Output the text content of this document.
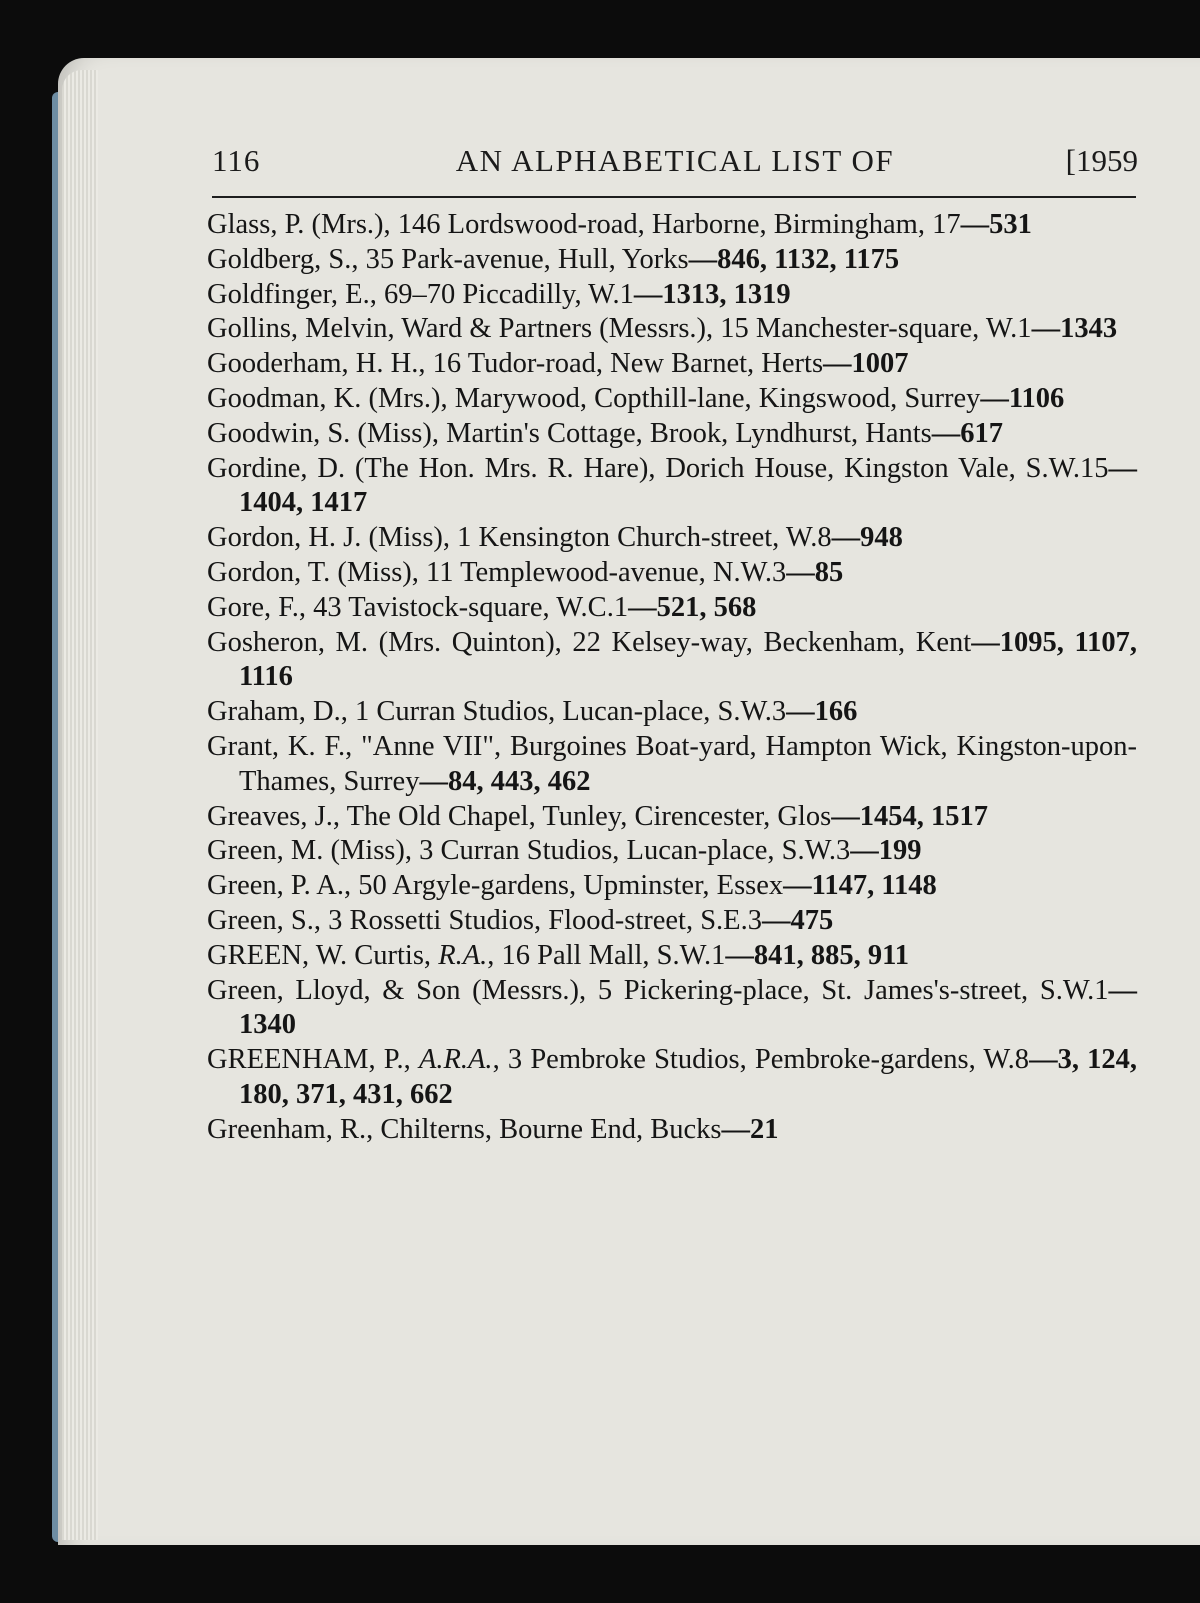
116	AN ALPHABETICAL LIST OF	[1959
Glass, P. (Mrs.), 146 Lordswood-road, Harborne, Birmingham, 17—531
Goldberg, S., 35 Park-avenue, Hull, Yorks—846, 1132, 1175
Goldfinger, E., 69–70 Piccadilly, W.1—1313, 1319
Gollins, Melvin, Ward & Partners (Messrs.), 15 Manchester-square, W.1—1343
Gooderham, H. H., 16 Tudor-road, New Barnet, Herts—1007
Goodman, K. (Mrs.), Marywood, Copthill-lane, Kingswood, Surrey—1106
Goodwin, S. (Miss), Martin's Cottage, Brook, Lyndhurst, Hants—617
Gordine, D. (The Hon. Mrs. R. Hare), Dorich House, Kingston Vale, S.W.15—1404, 1417
Gordon, H. J. (Miss), 1 Kensington Church-street, W.8—948
Gordon, T. (Miss), 11 Templewood-avenue, N.W.3—85
Gore, F., 43 Tavistock-square, W.C.1—521, 568
Gosheron, M. (Mrs. Quinton), 22 Kelsey-way, Beckenham, Kent—1095, 1107, 1116
Graham, D., 1 Curran Studios, Lucan-place, S.W.3—166
Grant, K. F., "Anne VII", Burgoines Boat-yard, Hampton Wick, Kingston-upon-Thames, Surrey—84, 443, 462
Greaves, J., The Old Chapel, Tunley, Cirencester, Glos—1454, 1517
Green, M. (Miss), 3 Curran Studios, Lucan-place, S.W.3—199
Green, P. A., 50 Argyle-gardens, Upminster, Essex—1147, 1148
Green, S., 3 Rossetti Studios, Flood-street, S.E.3—475
GREEN, W. Curtis, R.A., 16 Pall Mall, S.W.1—841, 885, 911
Green, Lloyd, & Son (Messrs.), 5 Pickering-place, St. James's-street, S.W.1—1340
GREENHAM, P., A.R.A., 3 Pembroke Studios, Pembroke-gardens, W.8—3, 124, 180, 371, 431, 662
Greenham, R., Chilterns, Bourne End, Bucks—21
